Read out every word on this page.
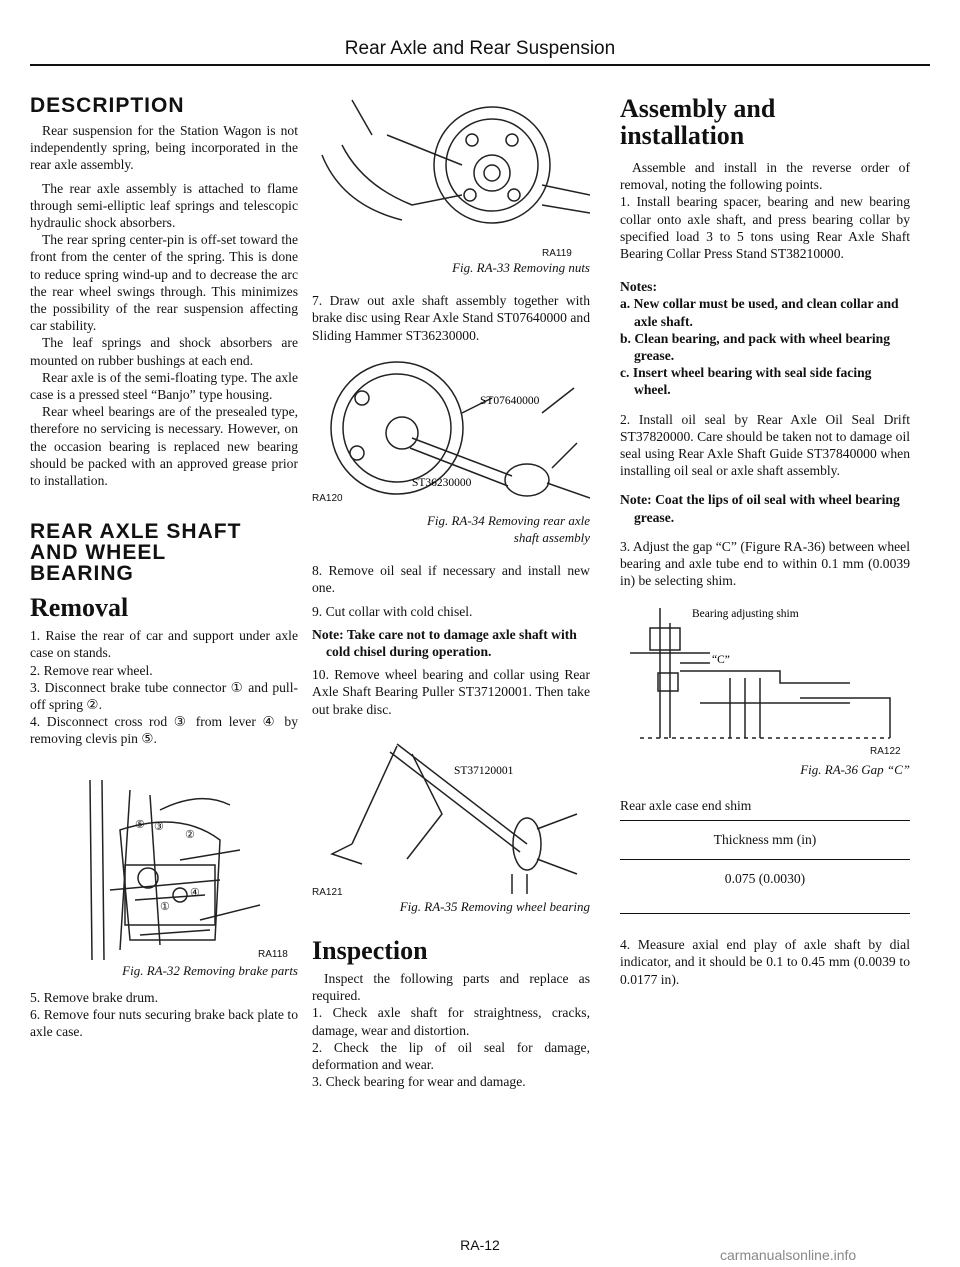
Rear Axle and Rear Suspension
DESCRIPTION

Rear suspension for the Station Wagon is not independently spring, being incorporated in the rear axle assembly.

The rear axle assembly is attached to flame through semi-elliptic leaf springs and telescopic hydraulic shock absorbers.

The rear spring center-pin is off-set toward the front from the center of the spring. This is done to reduce spring wind-up and to decrease the arc the rear wheel swings through. This minimizes the possibility of the rear suspension affecting car stability.

The leaf springs and shock absorbers are mounted on rubber bushings at each end.

Rear axle is of the semi-floating type. The axle case is a pressed steel “Banjo” type housing.

Rear wheel bearings are of the presealed type, therefore no servicing is necessary. However, on the occasion bearing is replaced new bearing should be packed with an approved grease prior to installation.

REAR AXLE SHAFT
AND WHEEL
BEARING
Removal

1. Raise the rear of car and support under axle case on stands.

2. Remove rear wheel.

3. Disconnect brake tube connector ① and pull-off spring ②.

4. Disconnect cross rod ③ from lever ④ by removing clevis pin ⑤.

⑤ ③
②
④
①
RA118
Fig. RA-32 Removing brake parts

5. Remove brake drum.

6. Remove four nuts securing brake back plate to axle case.

RA119
Fig. RA-33 Removing nuts

7. Draw out axle shaft assembly together with brake disc using Rear Axle Stand ST07640000 and Sliding Hammer ST36230000.

ST07640000
ST36230000
RA120
Fig. RA-34 Removing rear axle
shaft assembly

8. Remove oil seal if necessary and install new one.

9. Cut collar with cold chisel.

Note: Take care not to damage axle shaft with cold chisel during operation.

10. Remove wheel bearing and collar using Rear Axle Shaft Bearing Puller ST37120001. Then take out brake disc.

ST37120001
RA121
Fig. RA-35 Removing wheel bearing
Inspection

Inspect the following parts and replace as required.

1. Check axle shaft for straightness, cracks, damage, wear and distortion.

2. Check the lip of oil seal for damage, deformation and wear.

3. Check bearing for wear and damage.

Assembly and
installation

Assemble and install in the reverse order of removal, noting the following points.

1. Install bearing spacer, bearing and new bearing collar onto axle shaft, and press bearing collar by specified load 3 to 5 tons using Rear Axle Shaft Bearing Collar Press Stand ST38210000.

Notes:
a. New collar must be used, and clean collar and axle shaft.
b. Clean bearing, and pack with wheel bearing grease.
c. Insert wheel bearing with seal side facing wheel.

2. Install oil seal by Rear Axle Oil Seal Drift ST37820000. Care should be taken not to damage oil seal using Rear Axle Shaft Guide ST37840000 when installing oil seal or axle shaft assembly.

Note: Coat the lips of oil seal with wheel bearing grease.

3. Adjust the gap “C” (Figure RA-36) between wheel bearing and axle tube end to within 0.1 mm (0.0039 in) be selecting shim.

Bearing adjusting shim
“C”
RA122
Fig. RA-36 Gap “C”
Rear axle case end shim
Thickness mm (in)
0.075 (0.0030)

4. Measure axial end play of axle shaft by dial indicator, and it should be 0.1 to 0.45 mm (0.0039 to 0.0177 in).

RA-12
carmanualsonline.info
